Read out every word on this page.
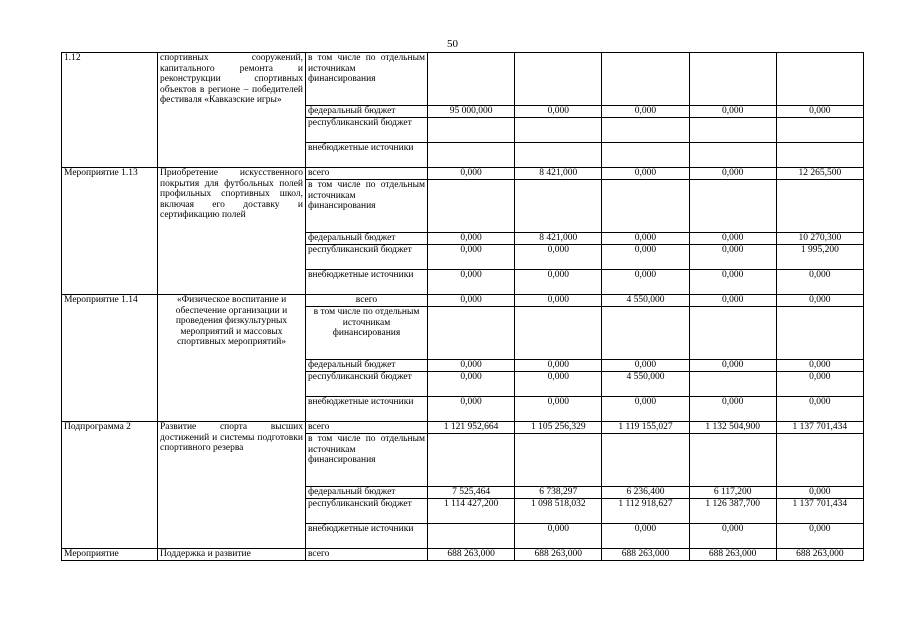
50
1.12	спортивных сооружений, капитального ремонта и реконструкции спортивных объектов в регионе – победителей фестиваля «Кавказские игры»	в том числе по отдельным источникам финансирования					
		федеральный бюджет	95 000,000	0,000	0,000	0,000	0,000
		республиканский бюджет					
		внебюджетные источники					
Мероприятие 1.13	Приобретение искусственного покрытия для футбольных полей профильных спортивных школ, включая его доставку и сертификацию полей	всего	0,000	8 421,000	0,000	0,000	12 265,500
		в том числе по отдельным источникам финансирования					
		федеральный бюджет	0,000	8 421,000	0,000	0,000	10 270,300
		республиканский бюджет	0,000	0,000	0,000	0,000	1 995,200
		внебюджетные источники	0,000	0,000	0,000	0,000	0,000
Мероприятие 1.14	«Физическое воспитание и обеспечение организации и проведения физкультурных мероприятий и массовых спортивных мероприятий»	всего	0,000	0,000	4 550,000	0,000	0,000
		в том числе по отдельным источникам финансирования					
		федеральный бюджет	0,000	0,000	0,000	0,000	0,000
		республиканский бюджет	0,000	0,000	4 550,000		0,000
		внебюджетные источники	0,000	0,000	0,000	0,000	0,000
Подпрограмма 2	Развитие спорта высших достижений и системы подготовки спортивного резерва	всего	1 121 952,664	1 105 256,329	1 119 155,027	1 132 504,900	1 137 701,434
		в том числе по отдельным источникам финансирования					
		федеральный бюджет	7 525,464	6 738,297	6 236,400	6 117,200	0,000
		республиканский бюджет	1 114 427,200	1 098 518,032	1 112 918,627	1 126 387,700	1 137 701,434
		внебюджетные источники		0,000	0,000	0,000	0,000
Мероприятие	Поддержка и развитие	всего	688 263,000	688 263,000	688 263,000	688 263,000	688 263,000
